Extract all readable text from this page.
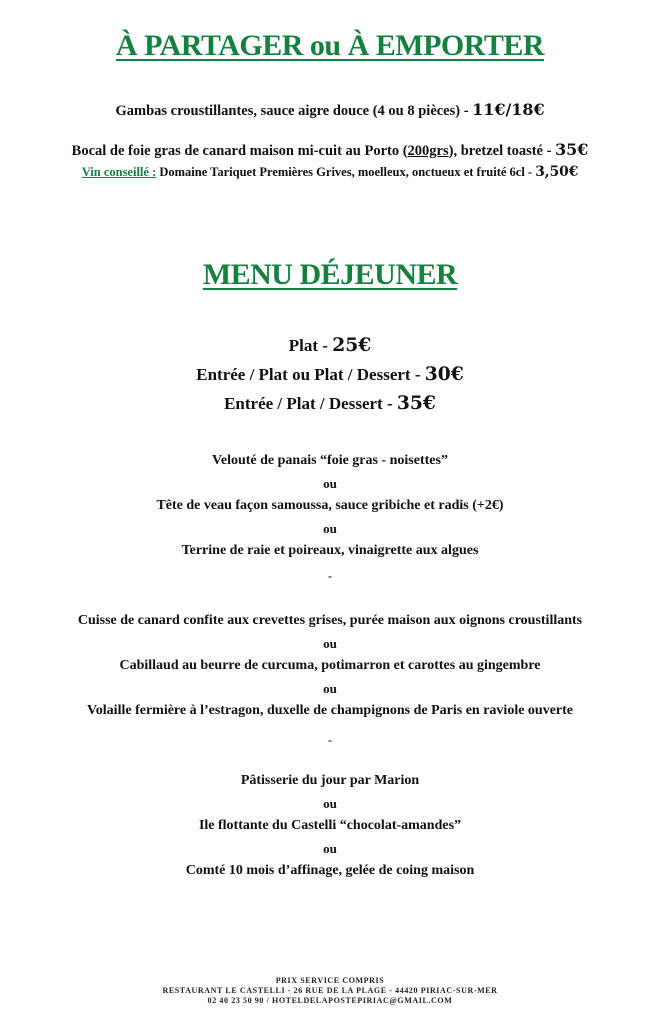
À PARTAGER ou À EMPORTER

Gambas croustillantes, sauce aigre douce (4 ou 8 pièces) - 11€/18€

Bocal de foie gras de canard maison mi-cuit au Porto (200grs), bretzel toasté - 35€

Vin conseillé : Domaine Tariquet Premières Grives, moelleux, onctueux et fruité 6cl - 3,50€

MENU DÉJEUNER

Plat - 25€

Entrée / Plat ou Plat / Dessert - 30€

Entrée / Plat / Dessert - 35€

Velouté de panais “foie gras - noisettes”

ou

Tête de veau façon samoussa, sauce gribiche et radis (+2€)

ou

Terrine de raie et poireaux, vinaigrette aux algues

-

Cuisse de canard confite aux crevettes grises, purée maison aux oignons croustillants

ou

Cabillaud au beurre de curcuma, potimarron et carottes au gingembre

ou

Volaille fermière à l’estragon, duxelle de champignons de Paris en raviole ouverte

-

Pâtisserie du jour par Marion

ou

Ile flottante du Castelli “chocolat-amandes”

ou

Comté 10 mois d’affinage, gelée de coing maison

PRIX SERVICE COMPRIS

RESTAURANT LE CASTELLI - 26 RUE DE LA PLAGE - 44420 PIRIAC-SUR-MER

02 40 23 50 90 / HOTELDELAPOSTEPIRIAC@GMAIL.COM
